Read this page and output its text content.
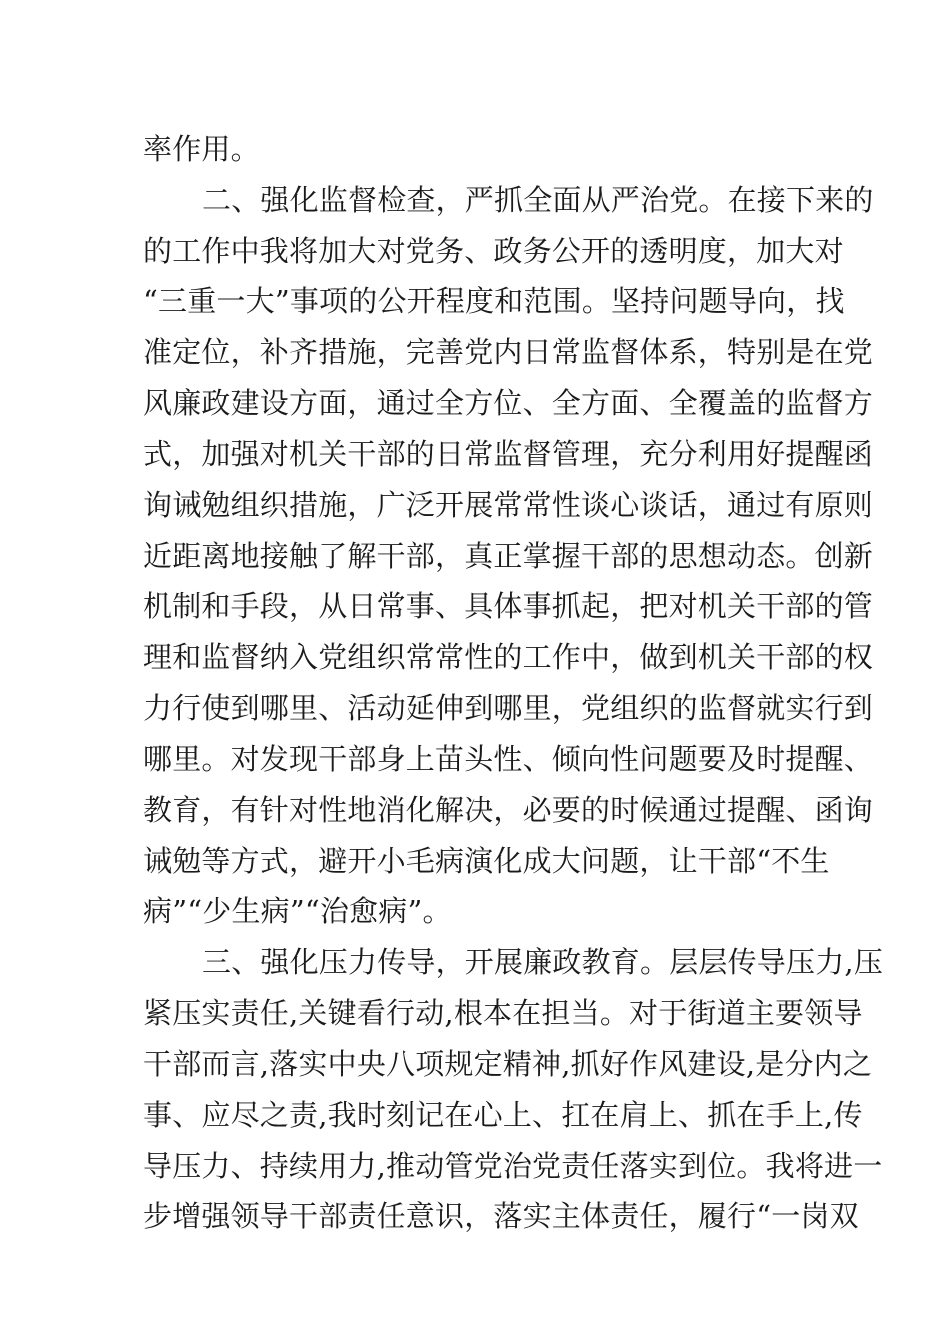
率作用。
二、强化监督检查，严抓全面从严治党。在接下来的
的工作中我将加大对党务、政务公开的透明度，加大对
“三重一大”事项的公开程度和范围。坚持问题导向，找
准定位，补齐措施，完善党内日常监督体系，特别是在党
风廉政建设方面，通过全方位、全方面、全覆盖的监督方
式，加强对机关干部的日常监督管理，充分利用好提醒函
询诫勉组织措施，广泛开展常常性谈心谈话，通过有原则
近距离地接触了解干部，真正掌握干部的思想动态。创新
机制和手段，从日常事、具体事抓起，把对机关干部的管
理和监督纳入党组织常常性的工作中，做到机关干部的权
力行使到哪里、活动延伸到哪里，党组织的监督就实行到
哪里。对发现干部身上苗头性、倾向性问题要及时提醒、
教育，有针对性地消化解决，必要的时候通过提醒、函询
诫勉等方式，避开小毛病演化成大问题，让干部“不生
病”“少生病”“治愈病”。
三、强化压力传导，开展廉政教育。层层传导压力,压
紧压实责任,关键看行动,根本在担当。对于街道主要领导
干部而言,落实中央八项规定精神,抓好作风建设,是分内之
事、应尽之责,我时刻记在心上、扛在肩上、抓在手上,传
导压力、持续用力,推动管党治党责任落实到位。我将进一
步增强领导干部责任意识，落实主体责任，履行“一岗双
